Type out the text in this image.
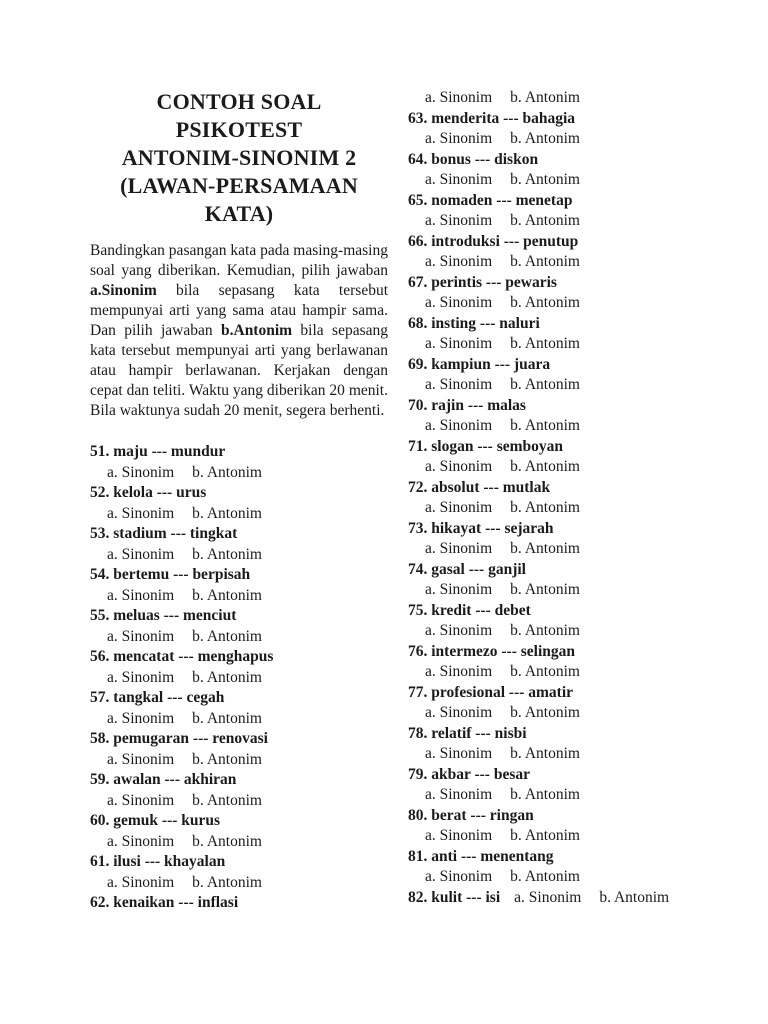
CONTOH SOAL
PSIKOTEST
ANTONIM-SINONIM 2
(LAWAN-PERSAMAAN
KATA)

Bandingkan pasangan kata pada masing-masing soal yang diberikan. Kemudian, pilih jawaban a.Sinonim bila sepasang kata tersebut mempunyai arti yang sama atau hampir sama. Dan pilih jawaban b.Antonim bila sepasang kata tersebut mempunyai arti yang berlawanan atau hampir berlawanan. Kerjakan dengan cepat dan teliti. Waktu yang diberikan 20 menit. Bila waktunya sudah 20 menit, segera berhenti.

51. maju --- mundur
a. Sinonim b. Antonim
52. kelola --- urus
a. Sinonim b. Antonim
53. stadium --- tingkat
a. Sinonim b. Antonim
54. bertemu --- berpisah
a. Sinonim b. Antonim
55. meluas --- menciut
a. Sinonim b. Antonim
56. mencatat --- menghapus
a. Sinonim b. Antonim
57. tangkal --- cegah
a. Sinonim b. Antonim
58. pemugaran --- renovasi
a. Sinonim b. Antonim
59. awalan --- akhiran
a. Sinonim b. Antonim
60. gemuk --- kurus
a. Sinonim b. Antonim
61. ilusi --- khayalan
a. Sinonim b. Antonim
62. kenaikan --- inflasi
a. Sinonim b. Antonim
63. menderita --- bahagia
a. Sinonim b. Antonim
64. bonus --- diskon
a. Sinonim b. Antonim
65. nomaden --- menetap
a. Sinonim b. Antonim
66. introduksi --- penutup
a. Sinonim b. Antonim
67. perintis --- pewaris
a. Sinonim b. Antonim
68. insting --- naluri
a. Sinonim b. Antonim
69. kampiun --- juara
a. Sinonim b. Antonim
70. rajin --- malas
a. Sinonim b. Antonim
71. slogan --- semboyan
a. Sinonim b. Antonim
72. absolut --- mutlak
a. Sinonim b. Antonim
73. hikayat --- sejarah
a. Sinonim b. Antonim
74. gasal --- ganjil
a. Sinonim b. Antonim
75. kredit --- debet
a. Sinonim b. Antonim
76. intermezo --- selingan
a. Sinonim b. Antonim
77. profesional --- amatir
a. Sinonim b. Antonim
78. relatif --- nisbi
a. Sinonim b. Antonim
79. akbar --- besar
a. Sinonim b. Antonim
80. berat --- ringan
a. Sinonim b. Antonim
81. anti --- menentang
a. Sinonim b. Antonim
82. kulit --- isi a. Sinonim b. Antonim
